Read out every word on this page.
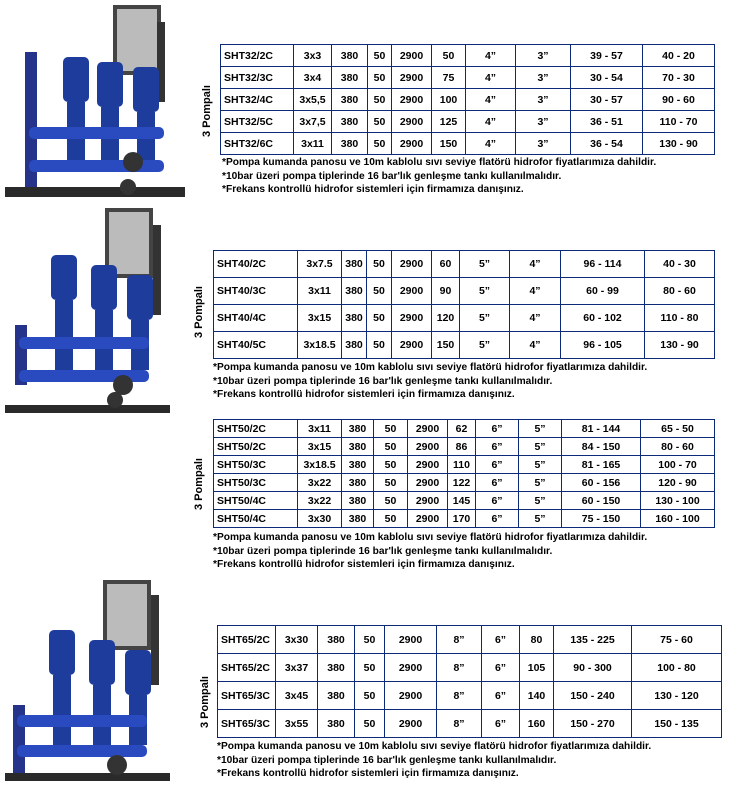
3 Pompalı
SHT32/2C	3x3	380	50	2900	50	4”	3”	39 - 57	40 - 20
SHT32/3C	3x4	380	50	2900	75	4”	3”	30 - 54	70 - 30
SHT32/4C	3x5,5	380	50	2900	100	4”	3”	30 - 57	90 - 60
SHT32/5C	3x7,5	380	50	2900	125	4”	3”	36 - 51	110 - 70
SHT32/6C	3x11	380	50	2900	150	4”	3”	36 - 54	130 - 90
*Pompa kumanda panosu ve 10m kablolu sıvı seviye flatörü hidrofor fiyatlarımıza dahildir.
*10bar üzeri pompa tiplerinde 16 bar'lık genleşme tankı kullanılmalıdır.
*Frekans kontrollü hidrofor sistemleri için firmamıza danışınız.
3 Pompalı
SHT40/2C	3x7.5	380	50	2900	60	5”	4”	96 - 114	40 - 30
SHT40/3C	3x11	380	50	2900	90	5”	4”	60 - 99	80 - 60
SHT40/4C	3x15	380	50	2900	120	5”	4”	60 - 102	110 - 80
SHT40/5C	3x18.5	380	50	2900	150	5”	4”	96 - 105	130 - 90
*Pompa kumanda panosu ve 10m kablolu sıvı seviye flatörü hidrofor fiyatlarımıza dahildir.
*10bar üzeri pompa tiplerinde 16 bar'lık genleşme tankı kullanılmalıdır.
*Frekans kontrollü hidrofor sistemleri için firmamıza danışınız.
3 Pompalı
SHT50/2C	3x11	380	50	2900	62	6”	5”	81 - 144	65 - 50
SHT50/2C	3x15	380	50	2900	86	6”	5”	84 - 150	80 - 60
SHT50/3C	3x18.5	380	50	2900	110	6”	5”	81 - 165	100 - 70
SHT50/3C	3x22	380	50	2900	122	6”	5”	60 - 156	120 - 90
SHT50/4C	3x22	380	50	2900	145	6”	5”	60 - 150	130 - 100
SHT50/4C	3x30	380	50	2900	170	6”	5”	75 - 150	160 - 100
*Pompa kumanda panosu ve 10m kablolu sıvı seviye flatörü hidrofor fiyatlarımıza dahildir.
*10bar üzeri pompa tiplerinde 16 bar'lık genleşme tankı kullanılmalıdır.
*Frekans kontrollü hidrofor sistemleri için firmamıza danışınız.
3 Pompalı
SHT65/2C	3x30	380	50	2900	8”	6”	80	135 - 225	75 - 60
SHT65/2C	3x37	380	50	2900	8”	6”	105	90 - 300	100 - 80
SHT65/3C	3x45	380	50	2900	8”	6”	140	150 - 240	130 - 120
SHT65/3C	3x55	380	50	2900	8”	6”	160	150 - 270	150 - 135
*Pompa kumanda panosu ve 10m kablolu sıvı seviye flatörü hidrofor fiyatlarımıza dahildir.
*10bar üzeri pompa tiplerinde 16 bar'lık genleşme tankı kullanılmalıdır.
*Frekans kontrollü hidrofor sistemleri için firmamıza danışınız.
